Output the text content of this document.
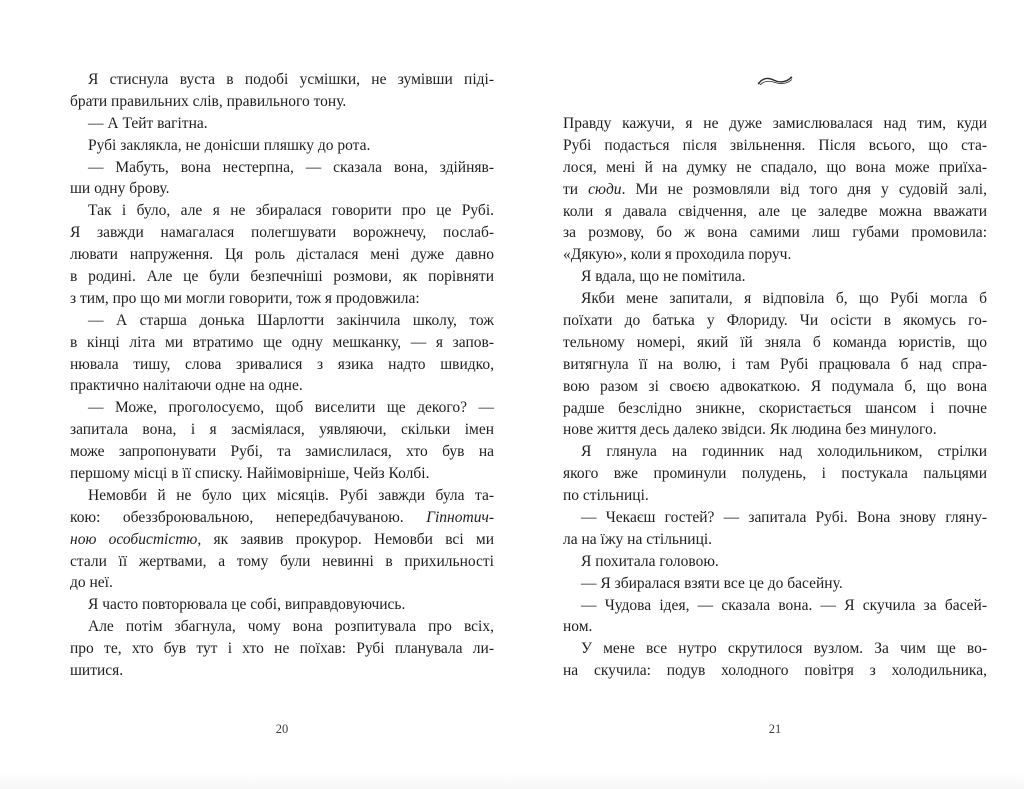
Я стиснула вуста в подобі усмішки, не зумівши піді-
брати правильних слів, правильного тону.
— А Тейт вагітна.
Рубі заклякла, не донісши пляшку до рота.
— Мабуть, вона нестерпна, — сказала вона, здійняв-
ши одну брову.
Так і було, але я не збиралася говорити про це Рубі.
Я завжди намагалася полегшувати ворожнечу, послаб-
лювати напруження. Ця роль дісталася мені дуже давно
в родині. Але це були безпечніші розмови, як порівняти
з тим, про що ми могли говорити, тож я продовжила:
— А старша донька Шарлотти закінчила школу, тож
в кінці літа ми втратимо ще одну мешканку, — я запов-
нювала тишу, слова зривалися з язика надто швидко,
практично налітаючи одне на одне.
— Може, проголосуємо, щоб виселити ще декого? —
запитала вона, і я засміялася, уявляючи, скільки імен
може запропонувати Рубі, та замислилася, хто був на
першому місці в її списку. Найімовірніше, Чейз Колбі.
Немовби й не було цих місяців. Рубі завжди була та-
кою: обеззброювальною, непередбачуваною. Гіпнотич-
ною особистістю, як заявив прокурор. Немовби всі ми
стали її жертвами, а тому були невинні в прихильності
до неї.
Я часто повторювала це собі, виправдовуючись.
Але потім збагнула, чому вона розпитувала про всіх,
про те, хто був тут і хто не поїхав: Рубі планувала ли-
шитися.
Правду кажучи, я не дуже замислювалася над тим, куди
Рубі подасться після звільнення. Після всього, що ста-
лося, мені й на думку не спадало, що вона може приїха-
ти сюди. Ми не розмовляли від того дня у судовій залі,
коли я давала свідчення, але це заледве можна вважати
за розмову, бо ж вона самими лиш губами промовила:
«Дякую», коли я проходила поруч.
Я вдала, що не помітила.
Якби мене запитали, я відповіла б, що Рубі могла б
поїхати до батька у Флориду. Чи осісти в якомусь го-
тельному номері, який їй зняла б команда юристів, що
витягнула її на волю, і там Рубі працювала б над спра-
вою разом зі своєю адвокаткою. Я подумала б, що вона
радше безслідно зникне, скористається шансом і почне
нове життя десь далеко звідси. Як людина без минулого.
Я глянула на годинник над холодильником, стрілки
якого вже проминули полудень, і постукала пальцями
по стільниці.
— Чекаєш гостей? — запитала Рубі. Вона знову гляну-
ла на їжу на стільниці.
Я похитала головою.
— Я збиралася взяти все це до басейну.
— Чудова ідея, — сказала вона. — Я скучила за басей-
ном.
У мене все нутро скрутилося вузлом. За чим ще во-
на скучила: подув холодного повітря з холодильника,
20	21
